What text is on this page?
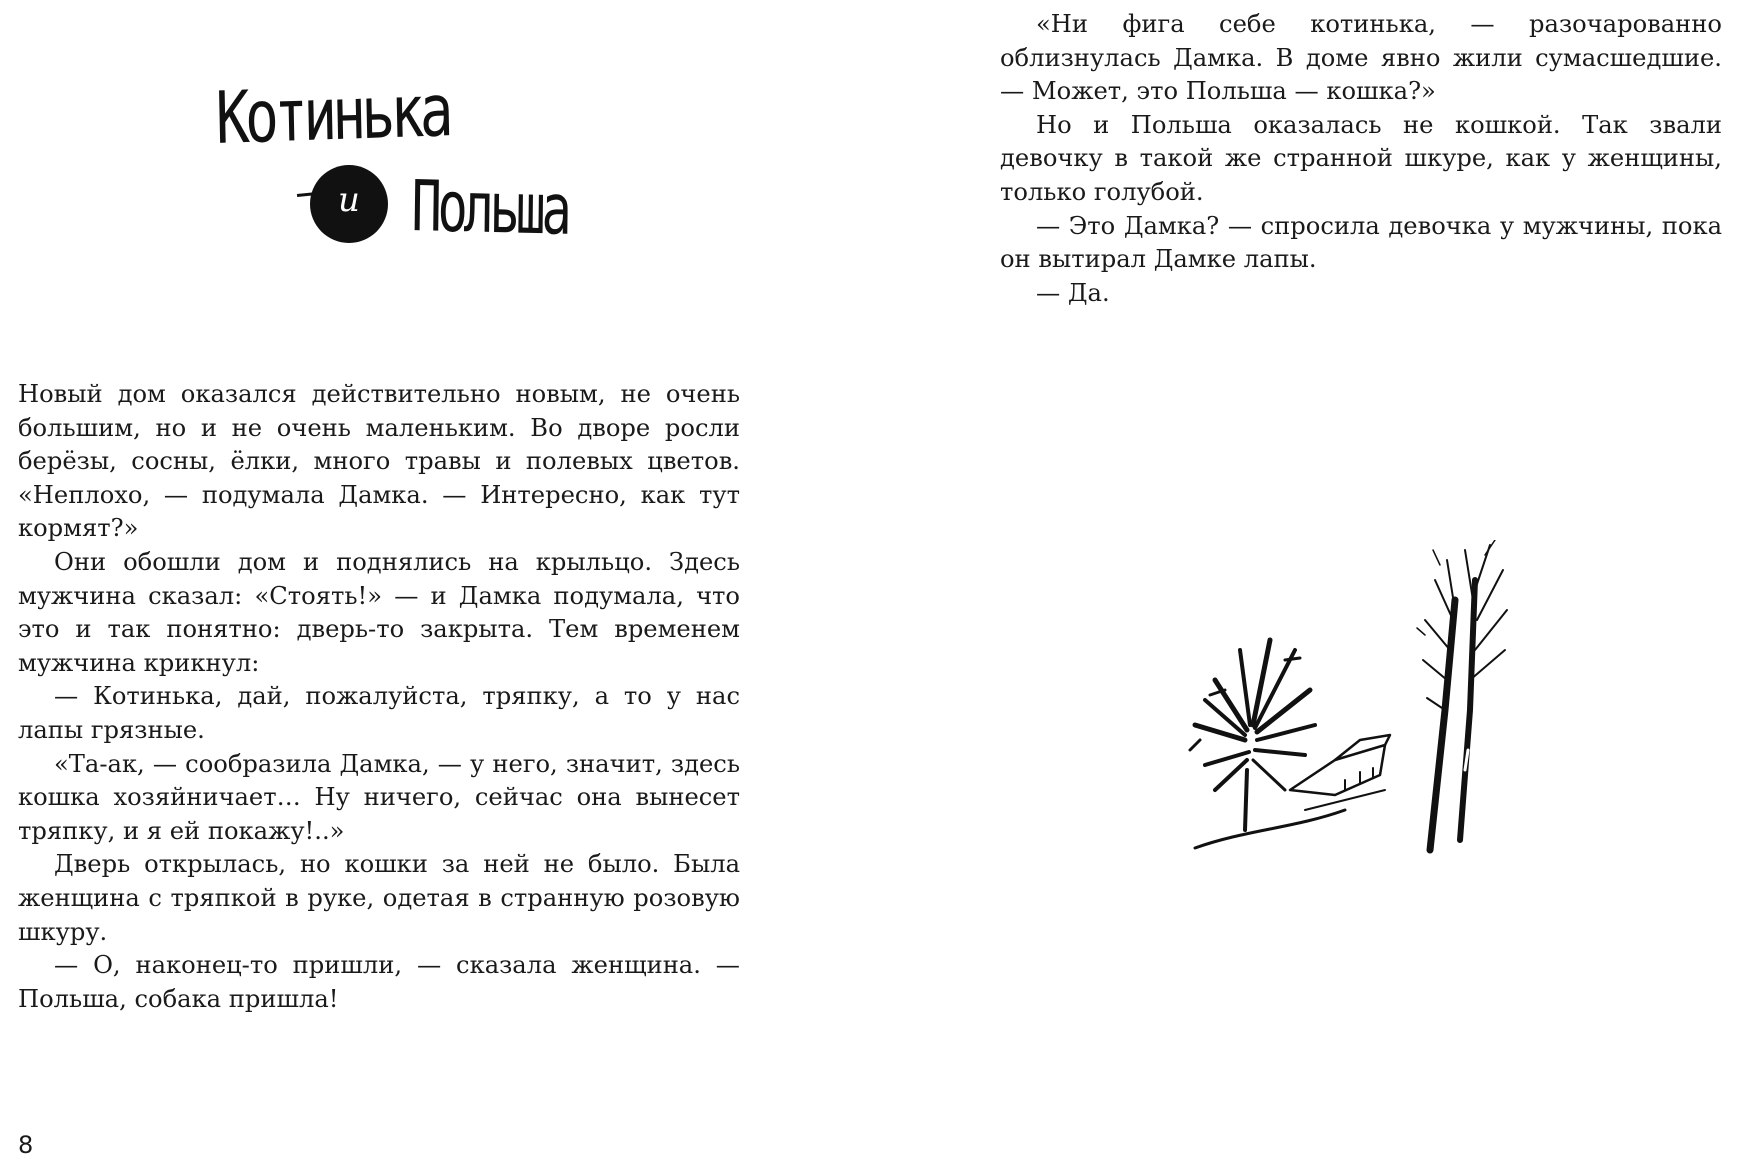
Котинька
и Польша

Новый дом оказался действительно новым, не очень большим, но и не очень маленьким. Во дворе росли берёзы, сосны, ёлки, много травы и полевых цветов. «Неплохо, — подумала Дамка. — Интересно, как тут кормят?»

Они обошли дом и поднялись на крыльцо. Здесь мужчина сказал: «Стоять!» — и Дамка подумала, что это и так понятно: дверь-то закрыта. Тем временем мужчина крикнул:

— Котинька, дай, пожалуйста, тряпку, а то у нас лапы грязные.

«Та-ак, — сообразила Дамка, — у него, значит, здесь кошка хозяйничает… Ну ничего, сейчас она вынесет тряпку, и я ей покажу!..»

Дверь открылась, но кошки за ней не было. Была женщина с тряпкой в руке, одетая в странную розовую шкуру.

— О, наконец-то пришли, — сказала женщина. — Польша, собака пришла!

8

«Ни фига себе котинька, — разочарованно облизнулась Дамка. В доме явно жили сумасшедшие. — Может, это Польша — кошка?»

Но и Польша оказалась не кошкой. Так звали девочку в такой же странной шкуре, как у женщины, только голубой.

— Это Дамка? — спросила девочка у мужчины, пока он вытирал Дамке лапы.

— Да.
